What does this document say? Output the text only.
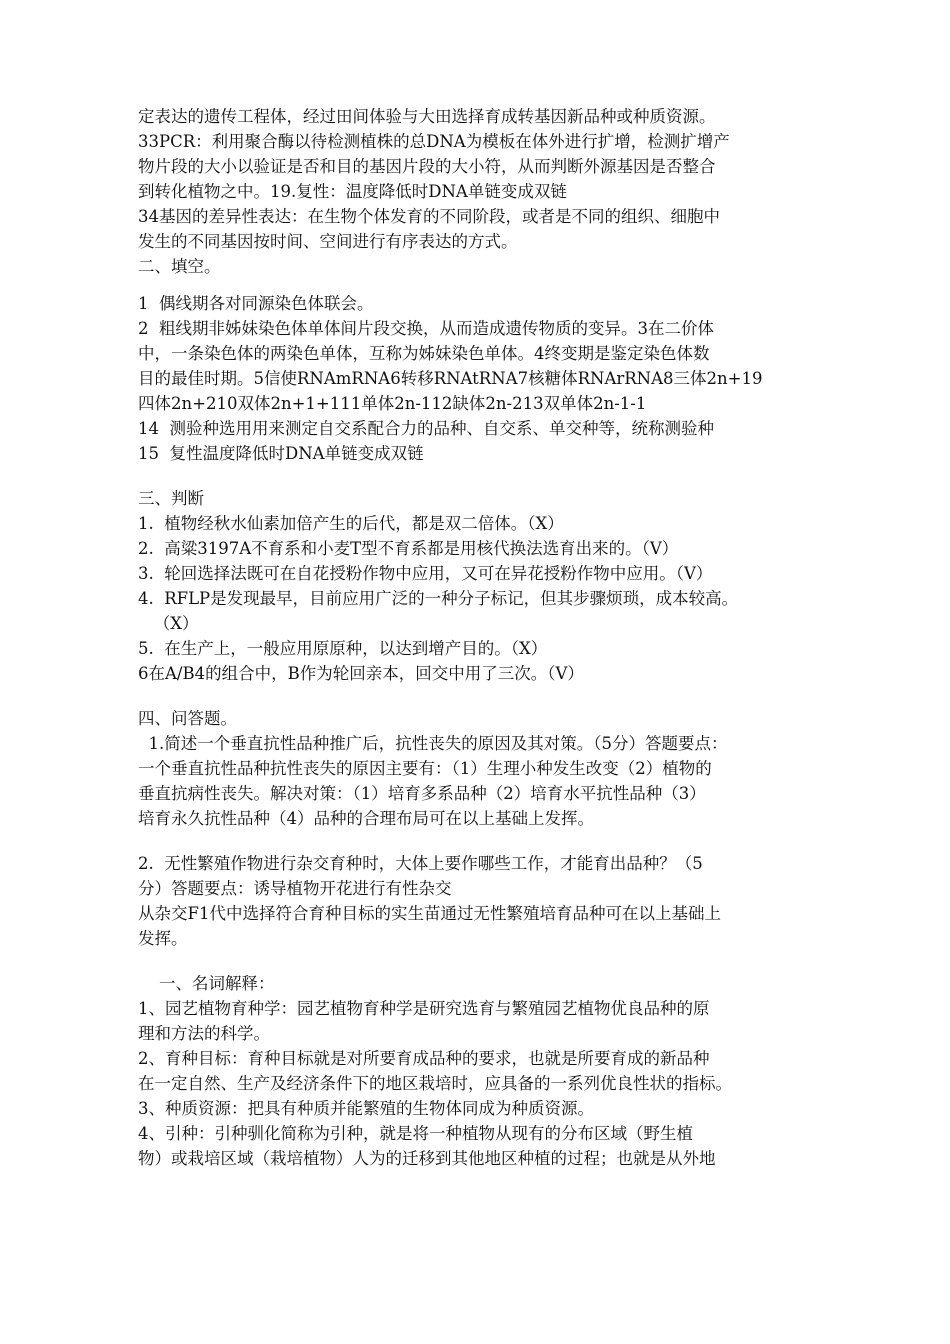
定表达的遗传工程体，经过田间体验与大田选择育成转基因新品种或种质资源。
33PCR：利用聚合酶以待检测植株的总DNA为模板在体外进行扩增，检测扩增产
物片段的大小以验证是否和目的基因片段的大小符，从而判断外源基因是否整合
到转化植物之中。19.复性：温度降低时DNA单链变成双链
34基因的差异性表达：在生物个体发育的不同阶段，或者是不同的组织、细胞中
发生的不同基因按时间、空间进行有序表达的方式。
二、填空。
1  偶线期各对同源染色体联会。
2  粗线期非姊妹染色体单体间片段交换，从而造成遗传物质的变异。3在二价体
中，一条染色体的两染色单体，互称为姊妹染色单体。4终变期是鉴定染色体数
目的最佳时期。5信使RNAmRNA6转移RNAtRNA7核糖体RNArRNA8三体2n+19
四体2n+210双体2n+1+111单体2n-112缺体2n-213双单体2n-1-1
14  测验种选用用来测定自交系配合力的品种、自交系、单交种等，统称测验种
15  复性温度降低时DNA单链变成双链
三、判断
1.  植物经秋水仙素加倍产生的后代，都是双二倍体。（X）
2.  高粱3197A不育系和小麦T型不育系都是用核代换法选育出来的。（V）
3.  轮回选择法既可在自花授粉作物中应用，又可在异花授粉作物中应用。（V）
4.  RFLP是发现最早，目前应用广泛的一种分子标记，但其步骤烦琐，成本较高。
（X）
5.  在生产上，一般应用原原种，以达到增产目的。（X）
6在A/B4的组合中，B作为轮回亲本，回交中用了三次。（V）
四、问答题。
1.简述一个垂直抗性品种推广后，抗性丧失的原因及其对策。（5分）答题要点：
一个垂直抗性品种抗性丧失的原因主要有：（1）生理小种发生改变（2）植物的
垂直抗病性丧失。解决对策：（1）培育多系品种（2）培育水平抗性品种（3）
培育永久抗性品种（4）品种的合理布局可在以上基础上发挥。
2.  无性繁殖作物进行杂交育种时，大体上要作哪些工作，才能育出品种？（5
分）答题要点：诱导植物开花进行有性杂交
从杂交F1代中选择符合育种目标的实生苗通过无性繁殖培育品种可在以上基础上
发挥。
一、名词解释：
1、园艺植物育种学：园艺植物育种学是研究选育与繁殖园艺植物优良品种的原
理和方法的科学。
2、育种目标：育种目标就是对所要育成品种的要求，也就是所要育成的新品种
在一定自然、生产及经济条件下的地区栽培时，应具备的一系列优良性状的指标。
3、种质资源：把具有种质并能繁殖的生物体同成为种质资源。
4、引种：引种驯化简称为引种，就是将一种植物从现有的分布区域（野生植
物）或栽培区域（栽培植物）人为的迁移到其他地区种植的过程；也就是从外地
